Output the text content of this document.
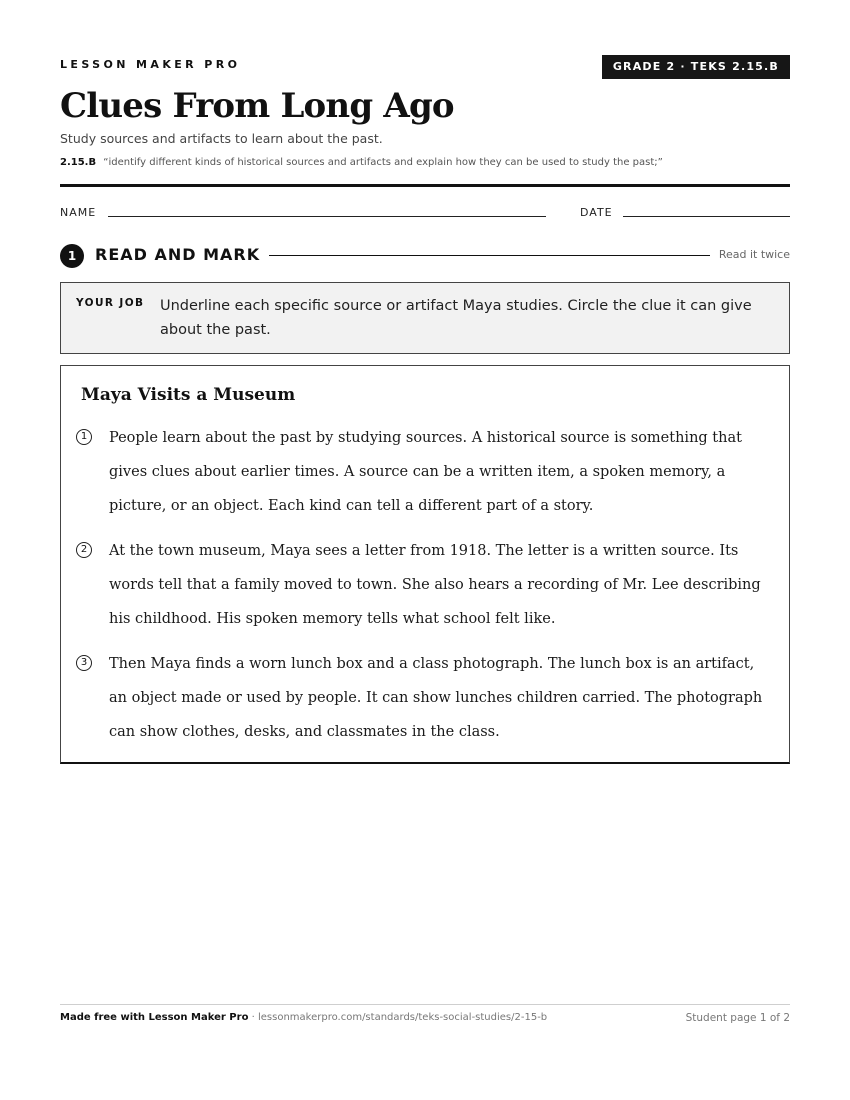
LESSON MAKER PRO	GRADE 2 · TEKS 2.15.B
Clues From Long Ago
Study sources and artifacts to learn about the past.
2.15.B “identify different kinds of historical sources and artifacts and explain how they can be used to study the past;”
NAME	DATE
1	READ AND MARK	Read it twice
YOUR JOB Underline each specific source or artifact Maya studies. Circle the clue it can give about the past.
Maya Visits a Museum
1	People learn about the past by studying sources. A historical source is something that gives clues about earlier times. A source can be a written item, a spoken memory, a picture, or an object. Each kind can tell a different part of a story.
2	At the town museum, Maya sees a letter from 1918. The letter is a written source. Its words tell that a family moved to town. She also hears a recording of Mr. Lee describing his childhood. His spoken memory tells what school felt like.
3	Then Maya finds a worn lunch box and a class photograph. The lunch box is an artifact, an object made or used by people. It can show lunches children carried. The photograph can show clothes, desks, and classmates in the class.
Made free with Lesson Maker Pro · lessonmakerpro.com/standards/teks-social-studies/2-15-b	Student page 1 of 2
